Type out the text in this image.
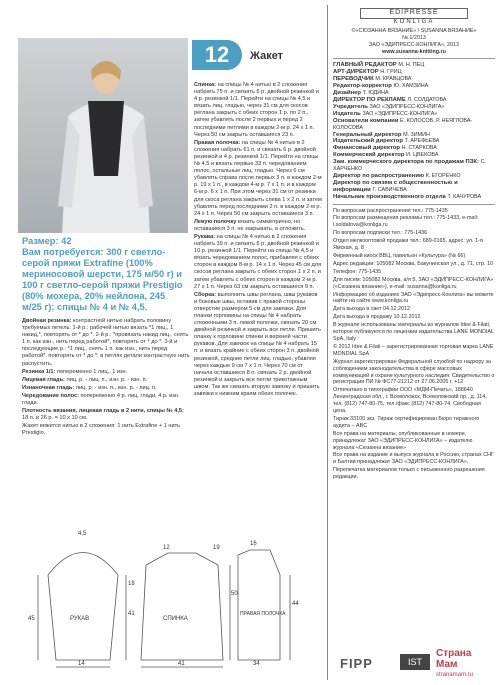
12	Жакет
Размер: 42
Вам потребуется: 300 г светло-серой пряжи Extrafine (100% мериносовой шерсти, 175 м/50 г) и 100 г светло-серой пряжи Prestigio (80% мохера, 20% нейлона, 245 м/25 г); спицы № 4 и № 4,5.

Двойная резинка: контрастной нитью набрать половину требуемых петель: 1-й р.: рабочей нитью вязать *1 лиц., 1 накид,*, повторять от * до *. 2-й р.: *провязать накид лиц., снять 1 п. как изн., нить перед работой*, повторять от * до *. 3-й и последующие р.: *1 лиц., снять 1 п. как изн., нить перед работой*, повторять от * до *; в петлях детали контрастную нить распустить.

Резинка 1/1: попеременно 1 лиц., 1 изн.

Лицевая гладь: лиц. р. - лиц. п., изн. р. - изн. п.

Изнаночная гладь: лиц. р. - изн. п., изн. р. - лиц. п.

Чередование полос: попеременно 4 р. лиц. глади, 4 р. изн. глади.

Плотность вязания, лицевая гладь в 2 нити, спицы № 4,5: 18 п. и 26 р. = 10 х 10 см.

Жакет вяжется нитью в 2 сложения: 1 нить Extrafine + 1 нить Prestigio.

Спинка: на спицы № 4 нитью в 2 сложения набрать 75 п. и связать 6 р. двойной резинкой и 4 р. резинкой 1/1. Перейти на спицы № 4,5 и вязать лиц. гладью, через 31 см для скосов реглана закрыть с обеих сторон 1 р. по 2 п., затем убавлять после 2 первых и перед 2 последними петлями в каждом 2-м р. 24 х 1 п. Через 50 см закрыть оставшиеся 23 п.

Правая полочка: на спицы № 4 нитью в 2 сложения набрать 61 п. и связать 6 р. двойной резинкой и 4 р. резинкой 1/1. Перейти на спицы № 4,5 и вязать первые 33 п. чередованием полос, остальные лиц. гладью. Через 6 см убавлять справа после первых 3 п. в каждом 2-м р. 19 х 1 п., в каждом 4-м р. 7 х 1 п. и в каждом 6-м р. 6 х 1 п. При этом через 31 см от резинки для скоса реглана закрыть слева 1 х 2 п. и затем убавлять перед последними 2 п. в каждом 2-м р. 24 х 1 п. Через 50 см закрыть оставшиеся 3 п.

Левую полочку вязать симметрично, но оставшиеся 3 п. не закрывать, а отложить.

Рукава: на спицы № 4 нитью в 2 сложения набрать 39 п. и связать 6 р. двойной резинкой и 10 р. резинкой 1/1. Перейти на спицы № 4,5 и вязать чередованием полос, прибавляя с обеих сторон в каждом 8-м р. 14 х 1 п. Через 45 см для скосов реглана закрыть с обеих сторон 1 х 2 п. и затем убавлять с обеих сторон в каждом 2-м р. 27 х 1 п. Через 63 см закрыть оставшиеся 9 п.

Сборка: выполнить швы реглана, швы рукавов и боковые швы, оставив с правой стороны отверстие размером 5 см для завязки. Для планки горловины на спицы № 4 набрать сложенными 3 п. левой полочки, связать 20 см двойной резинкой и закрыть все петли. Пришить планку к горловине спинки и верхней части рукавов. Для завязок на спицы № 4 набрать 15 п. и вязать крайние с обеих сторон 3 п. двойной резинкой, средние петли лиц. гладью, убавляя через каждые 9 см 7 х 1 п. Через 70 см от начала оставшиеся 8 п. связать 2 р. двойной резинкой и закрыть все петли трикотажным швом. Так же связать вторую завязку и пришить завязки к нижним краям обеих полочек.

EDIPRESSE
KONLIGA

©«СЮЗАННА ВЯЗАНИЕ» / SUSANNA ВЯЗАНИЕ»

№ 1/2013

ЗАО «ЭДИПРЕСС-КОНЛИГА», 2013

www.susanna-knitting.ru

ГЛАВНЫЙ РЕДАКТОР М. Н. ПЕЦ

АРТ-ДИРЕКТОР Н. ГРИЦ

ПЕРЕВОДЧИК М. КРАВЦОВА

Редактор-корректор Ю. ХАМЗИНА

Дизайнер Т. ЮДИНА

ДИРЕКТОР ПО РЕКЛАМЕ Л. СОЛДАТОВА

Учредитель ЗАО «ЭДИПРЕСС-КОНЛИГА»

Издатель ЗАО «ЭДИПРЕСС-КОНЛИГА»

Основатели компании Е. КОЛОСОВ, Р. НЕЯГЛОВА-КОЛОСОВА

Генеральный директор М. ЗИМИН

Издательский директор Т. АРЕФЬЕВА

Финансовый директор Н. СТАРКОВА

Коммерческий директор И. ЦВЕКОВА

Зам. коммерческого директора по продажам ПЗК: С. ХАРЧЕНКО

Директор по распространению К. ЕГОРЕНКО

Директор по связям с общественностью и информации Г. САВИЧЕВА

Начальник производственного отдела Т. КАЧУРОВА

По вопросам распространения тел.: 775-1435

По вопросам размещения рекламы тел.: 775-1433, e-mail: l.soldatova@konliga.ru

По вопросам подписки тел.: 775-1436

Отдел мелкооптовой продажи тел.: 689-0165, адрес: ул. 1-я Ямская, д. 8

Фирменный киоск ВВЦ, павильон «Культура» (№ 66)

Адрес редакции: 105082 Москва, Бакунинская ул., д. 71, стр. 10

Телефон: 775-1435

Для писем: 105082 Москва, а/я 5, ЗАО «ЭДИПРЕСС-КОНЛИГА» («Сюзанна вязание»), e-mail: susanna@konliga.ru

Информацию об изданиях ЗАО «Эдипресс-Конлига» вы можете найти на сайте www.konliga.ru

Дата выхода в свет 04.12.2012

Дата выхода в продажу 10.12.2012

В журнале использованы материалы из журналов Idee & Filati, которое публикуется по лицензии издательства LANE MONDIAL SpA, Italy

© 2012 Idee & Filati – зарегистрированная торговая марка LANE MONDIAL SpA

Журнал зарегистрирован Федеральной службой по надзору за соблюдением законодательства в сфере массовых коммуникаций и охране культурного наследия. Свидетельство о регистрации ПИ № ФС77-21212 от 27.06.2005 г. +12

Отпечатано в типографии ООО «МДМ-Печать», 188640 Ленинградская обл., г. Всеволожск, Всеволожский пр., д. 114, тел. (812) 747-80-75, тел./факс (812) 747-80-74. Свободная цена.

Тираж 33100 экз. Тираж сертифицирован Бюро тиражного аудита – ABC

Все права на материалы, опубликованные в номере, принадлежат ЗАО «ЭДИПРЕСС-КОНЛИГА» – издателю журнала «Сюзанна вязание»

Все права на издание и выпуск журнала в Россию, странах СНГ и Балтии принадлежат ЗАО «ЭДИПРЕСС-КОНЛИГА».

Перепечатка материалов только с письменного разрешения редакции.

РУКАВ	СПИНКА
ПРАВАЯ ПОЛОЧКА
4,5
18
41
45
14
12	19
50
41
16
44
34	FIPP	IST
Страна Мам
stranamam.ru
